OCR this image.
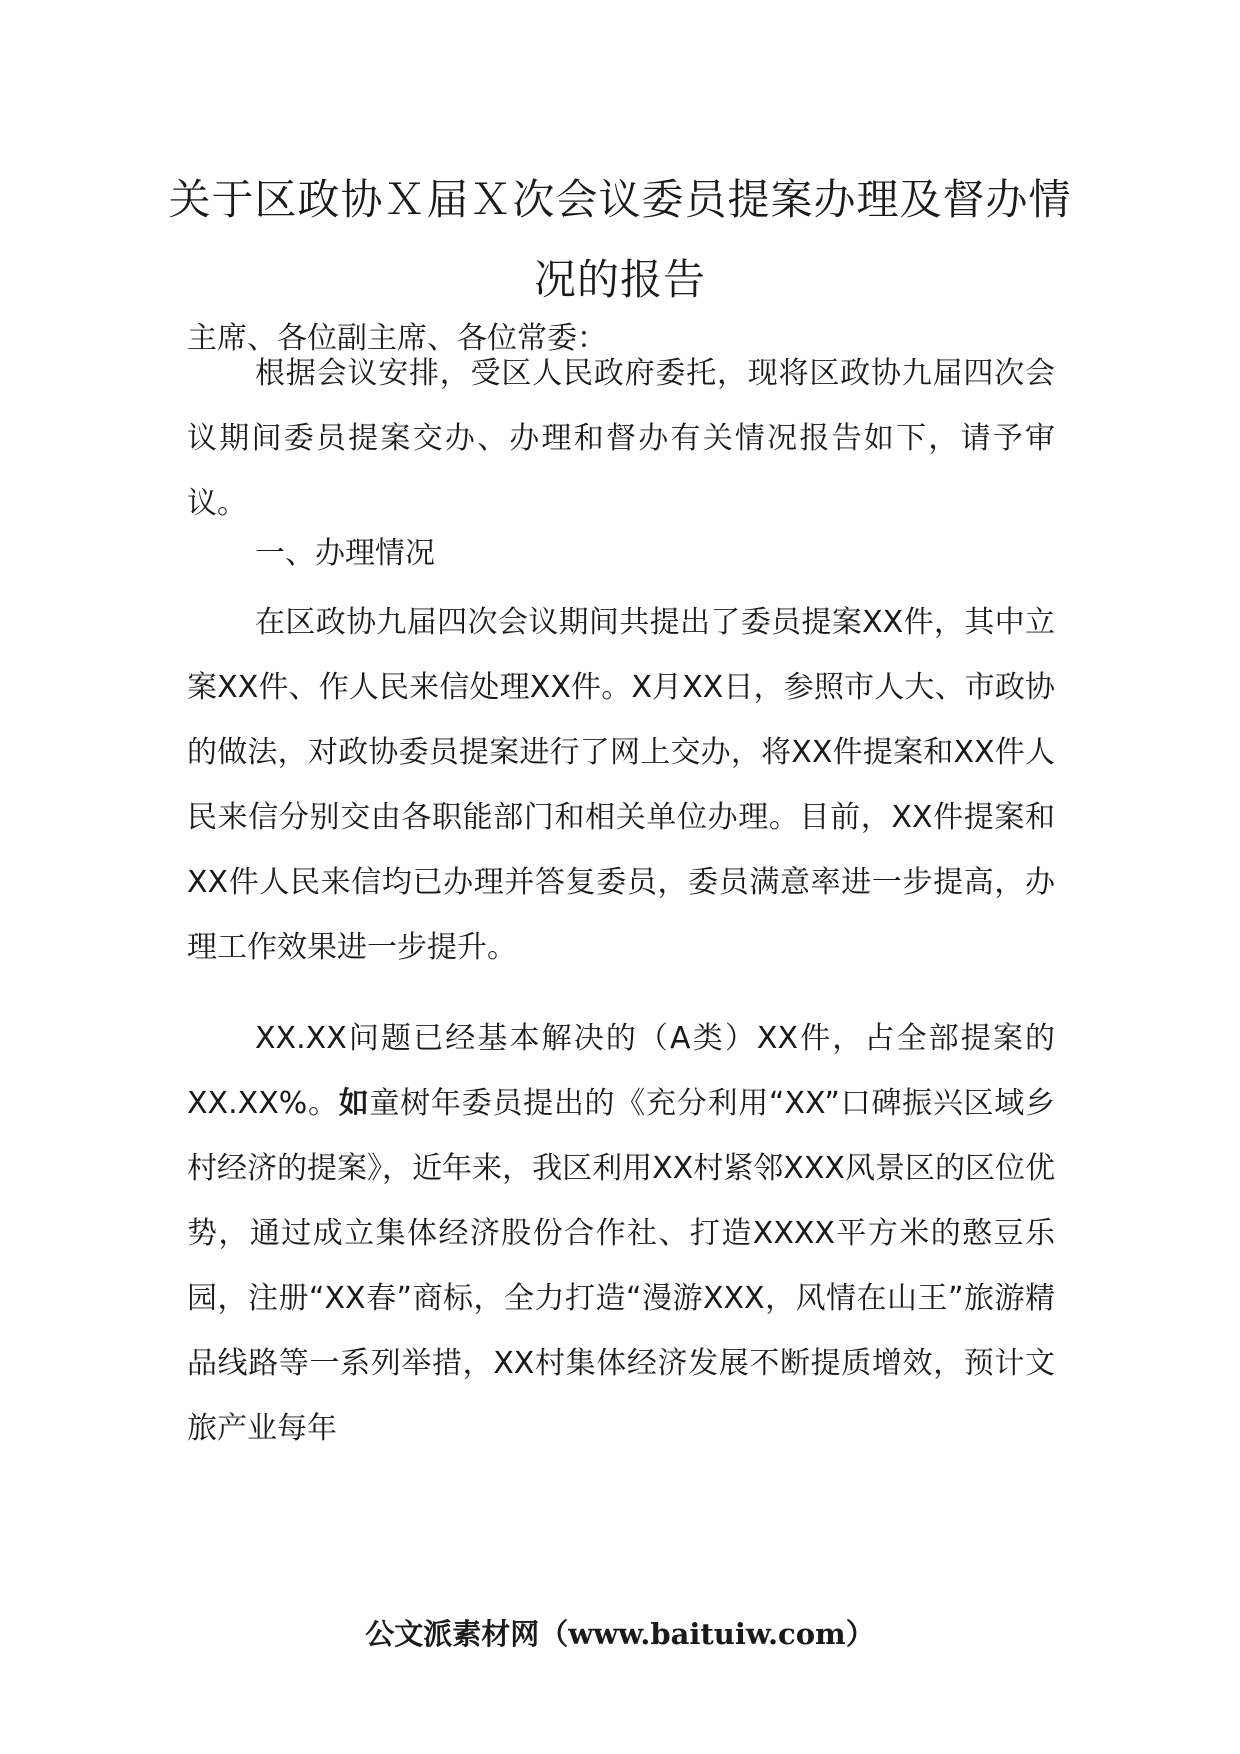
关于区政协Ｘ届Ｘ次会议委员提案办理及督办情况的报告

主席、各位副主席、各位常委：

根据会议安排，受区人民政府委托，现将区政协九届四次会议期间委员提案交办、办理和督办有关情况报告如下，请予审议。

一、办理情况

在区政协九届四次会议期间共提出了委员提案XX件，其中立案XX件、作人民来信处理XX件。X月XX日，参照市人大、市政协的做法，对政协委员提案进行了网上交办，将XX件提案和XX件人民来信分别交由各职能部门和相关单位办理。目前，XX件提案和XX件人民来信均已办理并答复委员，委员满意率进一步提高，办理工作效果进一步提升。

XX.XX问题已经基本解决的（A类）XX件，占全部提案的XX.XX%。如童树年委员提出的《充分利用“XX”口碑振兴区域乡村经济的提案》，近年来，我区利用XX村紧邻XXX风景区的区位优势，通过成立集体经济股份合作社、打造XXXX平方米的憨豆乐园，注册“XX春”商标，全力打造“漫游XXX，风情在山王”旅游精品线路等一系列举措，XX村集体经济发展不断提质增效，预计文旅产业每年

公文派素材网（www.baituiw.com）
